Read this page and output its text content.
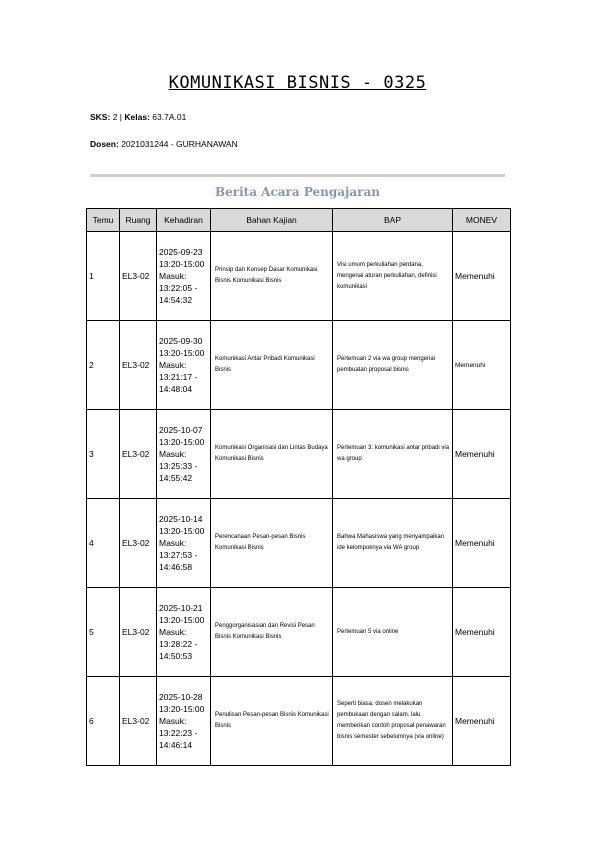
KOMUNIKASI BISNIS - 0325
SKS: 2 | Kelas: 63.7A.01
Dosen: 2021031244 - GURHANAWAN
Berita Acara Pengajaran
Temu	Ruang	Kehadiran	Bahan Kajian	BAP	MONEV
1	EL3-02	2025-09-23 13:20-15:00 Masuk: 13:22:05 - 14:54:32	Prinsip dan Konsep Dasar Komunikasi Bisnis Komunikasi Bisnis	Visi umum perkuliahan perdana, mengenai aturan perkuliahan, definisi komunikasi	Memenuhi
2	EL3-02	2025-09-30 13:20-15:00 Masuk: 13:21:17 - 14:48:04	Komunikasi Antar Pribadi Komunikasi Bisnis	Pertemuan 2 via wa group mengenai pembuatan proposal bisnis	Memenuhi
3	EL3-02	2025-10-07 13:20-15:00 Masuk: 13:25:33 - 14:55:42	Komunikasi Organisasi dan Lintas Budaya Komunikasi Bisnis	Pertemuan 3: komunikasi antar pribadi via wa group	Memenuhi
4	EL3-02	2025-10-14 13:20-15:00 Masuk: 13:27:53 - 14:46:58	Perencanaan Pesan-pesan Bisnis Komunikasi Bisnis	Bahwa Mahasiswa yang menyampaikan ide kelompoknya via WA group	Memenuhi
5	EL3-02	2025-10-21 13:20-15:00 Masuk: 13:28:22 - 14:50:53	Penggorganisasian dan Revisi Pesan Bisnis Komunikasi Bisnis	Pertemuan 5 via online	Memenuhi
6	EL3-02	2025-10-28 13:20-15:00 Masuk: 13:22:23 - 14:46:14	Penulisan Pesan-pesan Bisnis Komunikasi Bisnis	Seperti biasa, dosen melakukan pembukaan dengan salam. lalu memberikan contoh proposal penawaran bisnis semester sebelumnya (via online)	Memenuhi
